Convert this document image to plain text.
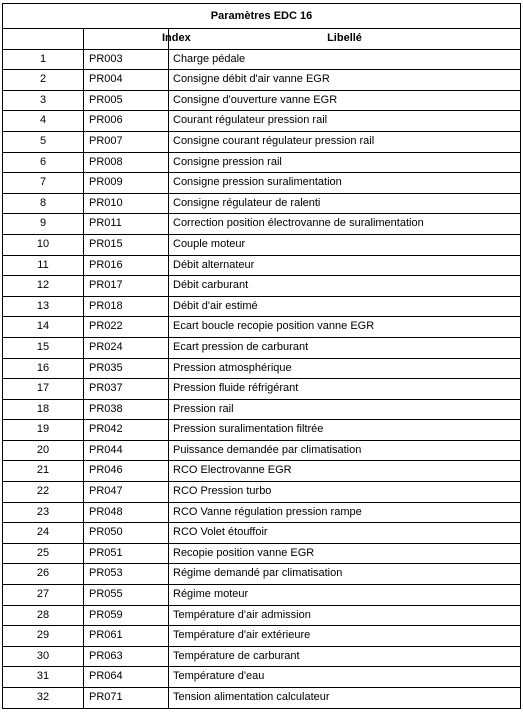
Paramètres EDC 16		
	Index	Libellé
1	PR003	Charge pédale
2	PR004	Consigne débit d'air vanne EGR
3	PR005	Consigne d'ouverture vanne EGR
4	PR006	Courant régulateur pression rail
5	PR007	Consigne courant régulateur pression rail
6	PR008	Consigne pression rail
7	PR009	Consigne pression suralimentation
8	PR010	Consigne régulateur de ralenti
9	PR011	Correction position électrovanne de suralimentation
10	PR015	Couple moteur
11	PR016	Débit alternateur
12	PR017	Débit carburant
13	PR018	Débit d'air estimé
14	PR022	Ecart boucle recopie position vanne EGR
15	PR024	Ecart pression de carburant
16	PR035	Pression atmosphérique
17	PR037	Pression fluide réfrigérant
18	PR038	Pression rail
19	PR042	Pression suralimentation filtrée
20	PR044	Puissance demandée par climatisation
21	PR046	RCO Electrovanne EGR
22	PR047	RCO Pression turbo
23	PR048	RCO Vanne régulation pression rampe
24	PR050	RCO Volet étouffoir
25	PR051	Recopie position vanne EGR
26	PR053	Régime demandé par climatisation
27	PR055	Régime moteur
28	PR059	Température d'air admission
29	PR061	Température d'air extérieure
30	PR063	Température de carburant
31	PR064	Température d'eau
32	PR071	Tension alimentation calculateur
